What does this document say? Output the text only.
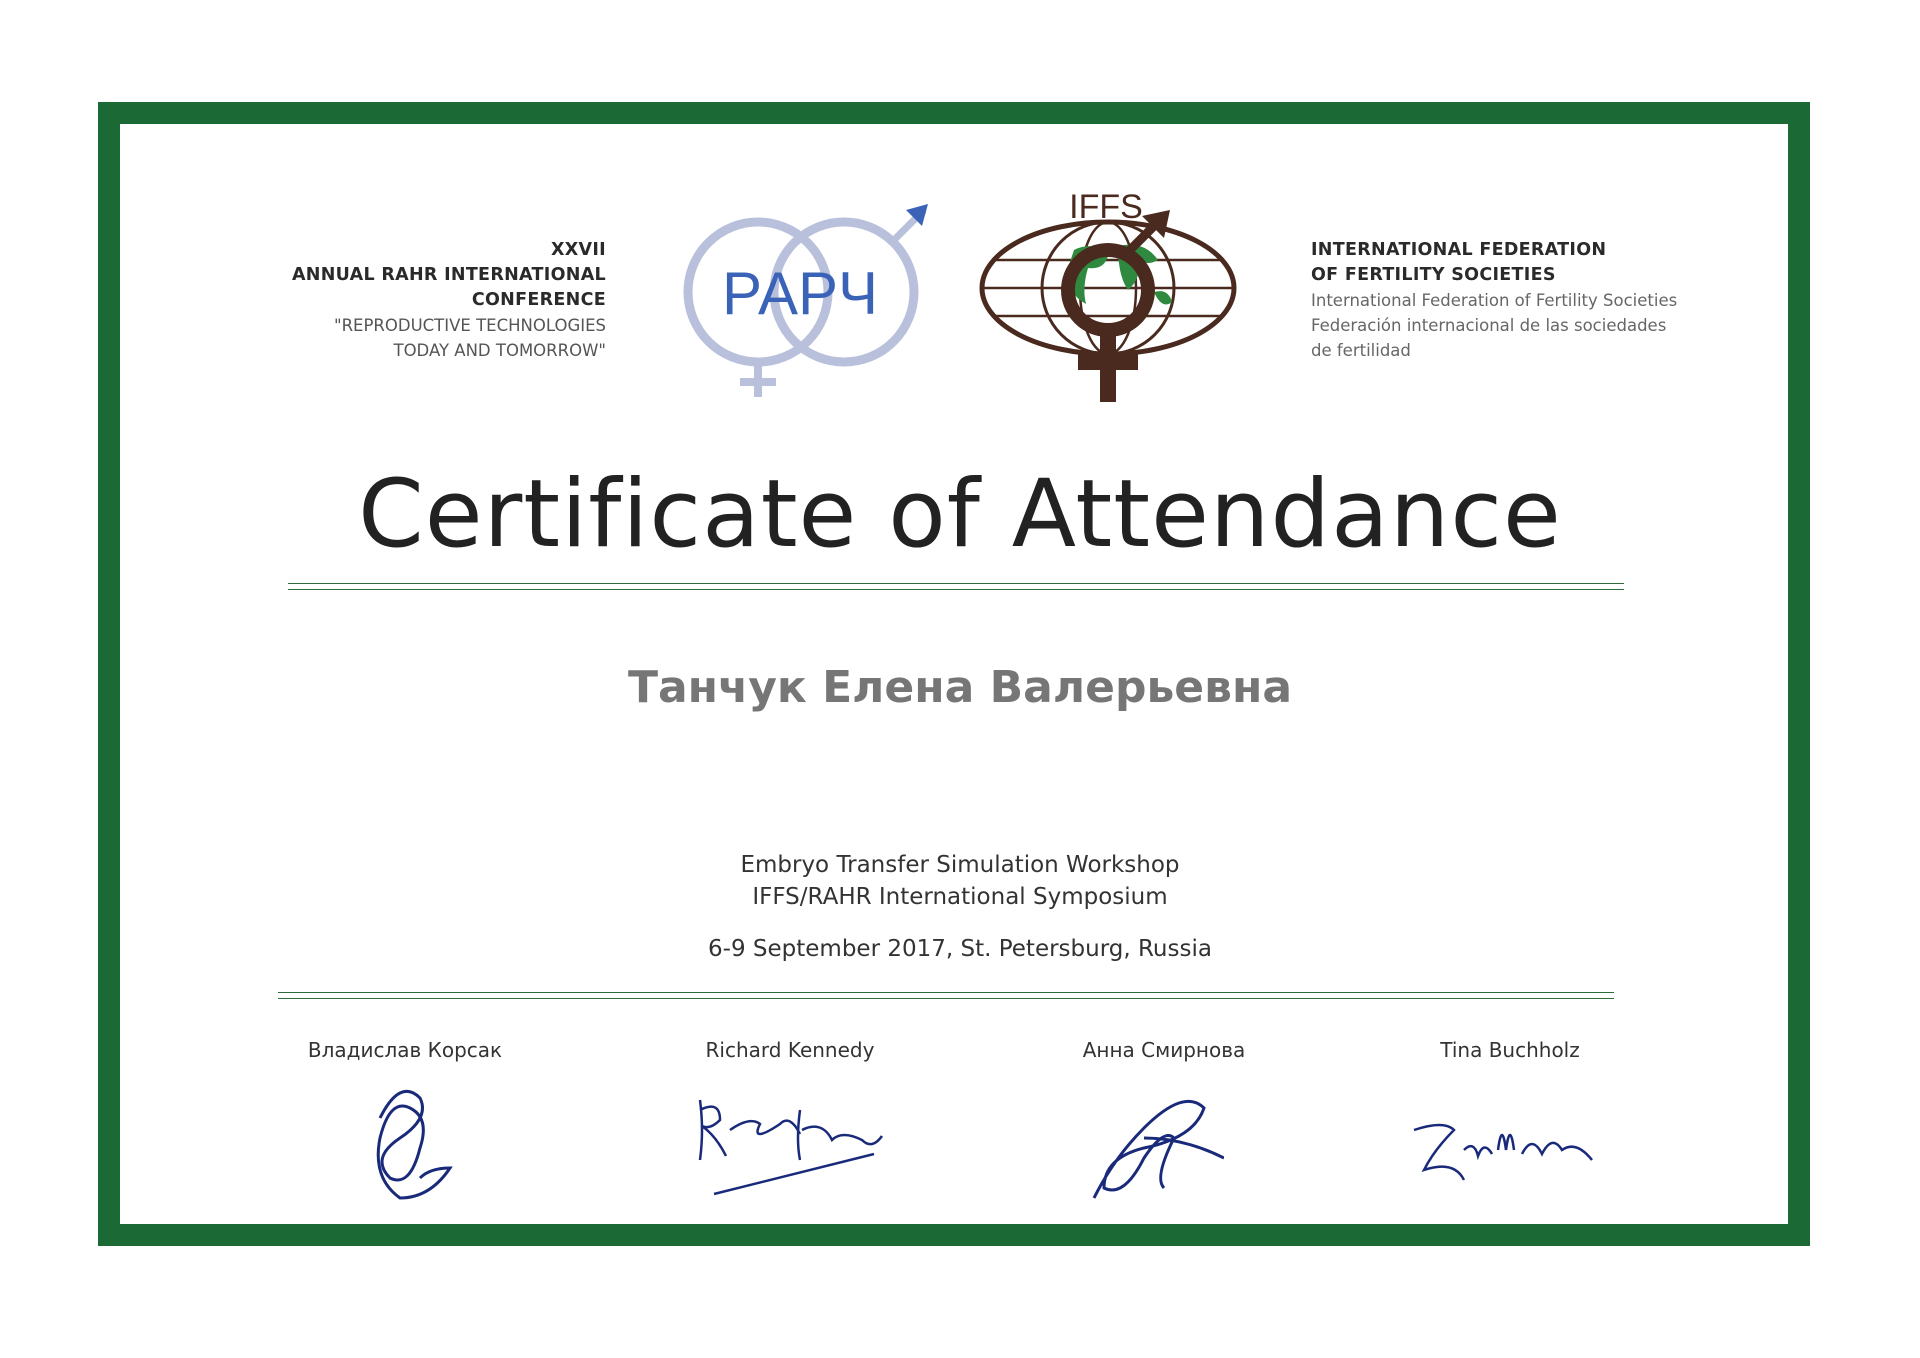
XXVII
ANNUAL RAHR INTERNATIONAL
CONFERENCE
"REPRODUCTIVE TECHNOLOGIES
TODAY AND TOMORROW"
РАРЧ
IFFS
INTERNATIONAL FEDERATION
OF FERTILITY SOCIETIES
International Federation of Fertility Societies
Federación internacional de las sociedades
de fertilidad
Certificate of Attendance
Танчук Елена Валерьевна
Embryo Transfer Simulation Workshop
IFFS/RAHR International Symposium
6-9 September 2017, St. Petersburg, Russia
Владислав Корсак	Richard Kennedy	Анна Смирнова	Tina Buchholz
